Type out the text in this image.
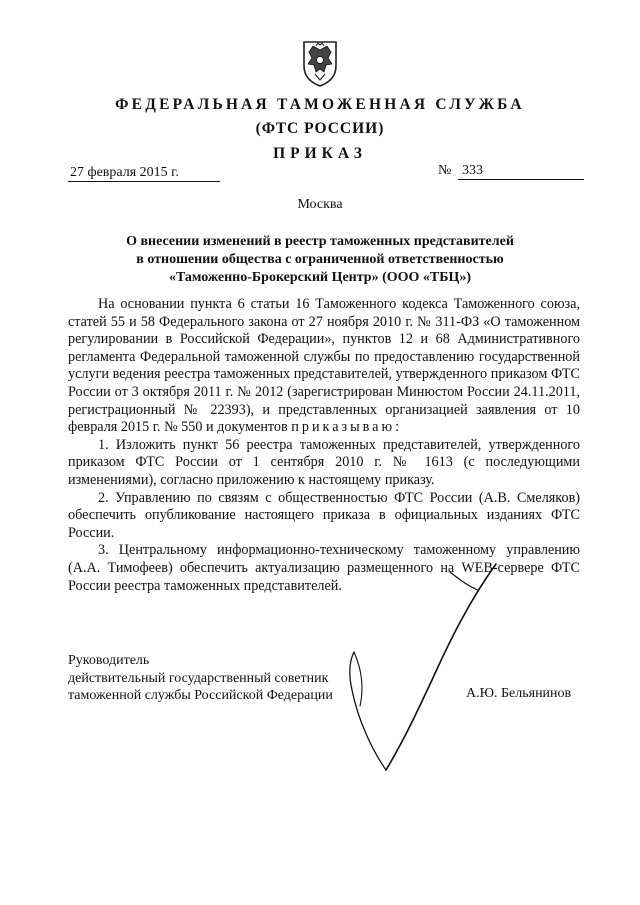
ФЕДЕРАЛЬНАЯ ТАМОЖЕННАЯ СЛУЖБА
(ФТС РОССИИ)
ПРИКАЗ
27 февраля 2015 г.	№ 333
Москва
О внесении изменений в реестр таможенных представителей
в отношении общества с ограниченной ответственностью
«Таможенно-Брокерский Центр» (ООО «ТБЦ»)

На основании пункта 6 статьи 16 Таможенного кодекса Таможенного союза, статей 55 и 58 Федерального закона от 27 ноября 2010 г. № 311-ФЗ «О таможенном регулировании в Российской Федерации», пунктов 12 и 68 Административного регламента Федеральной таможенной службы по предоставлению государственной услуги ведения реестра таможенных представителей, утвержденного приказом ФТС России от 3 октября 2011 г. № 2012 (зарегистрирован Минюстом России 24.11.2011, регистрационный № 22393), и представленных организацией заявления от 10 февраля 2015 г. № 550 и документов приказываю:

1. Изложить пункт 56 реестра таможенных представителей, утвержденного приказом ФТС России от 1 сентября 2010 г. № 1613 (с последующими изменениями), согласно приложению к настоящему приказу.

2. Управлению по связям с общественностью ФТС России (А.В. Смеляков) обеспечить опубликование настоящего приказа в официальных изданиях ФТС России.

3. Центральному информационно-техническому таможенному управлению (А.А. Тимофеев) обеспечить актуализацию размещенного на WEB-сервере ФТС России реестра таможенных представителей.

Руководитель
действительный государственный советник
таможенной службы Российской Федерации	А.Ю. Бельянинов
